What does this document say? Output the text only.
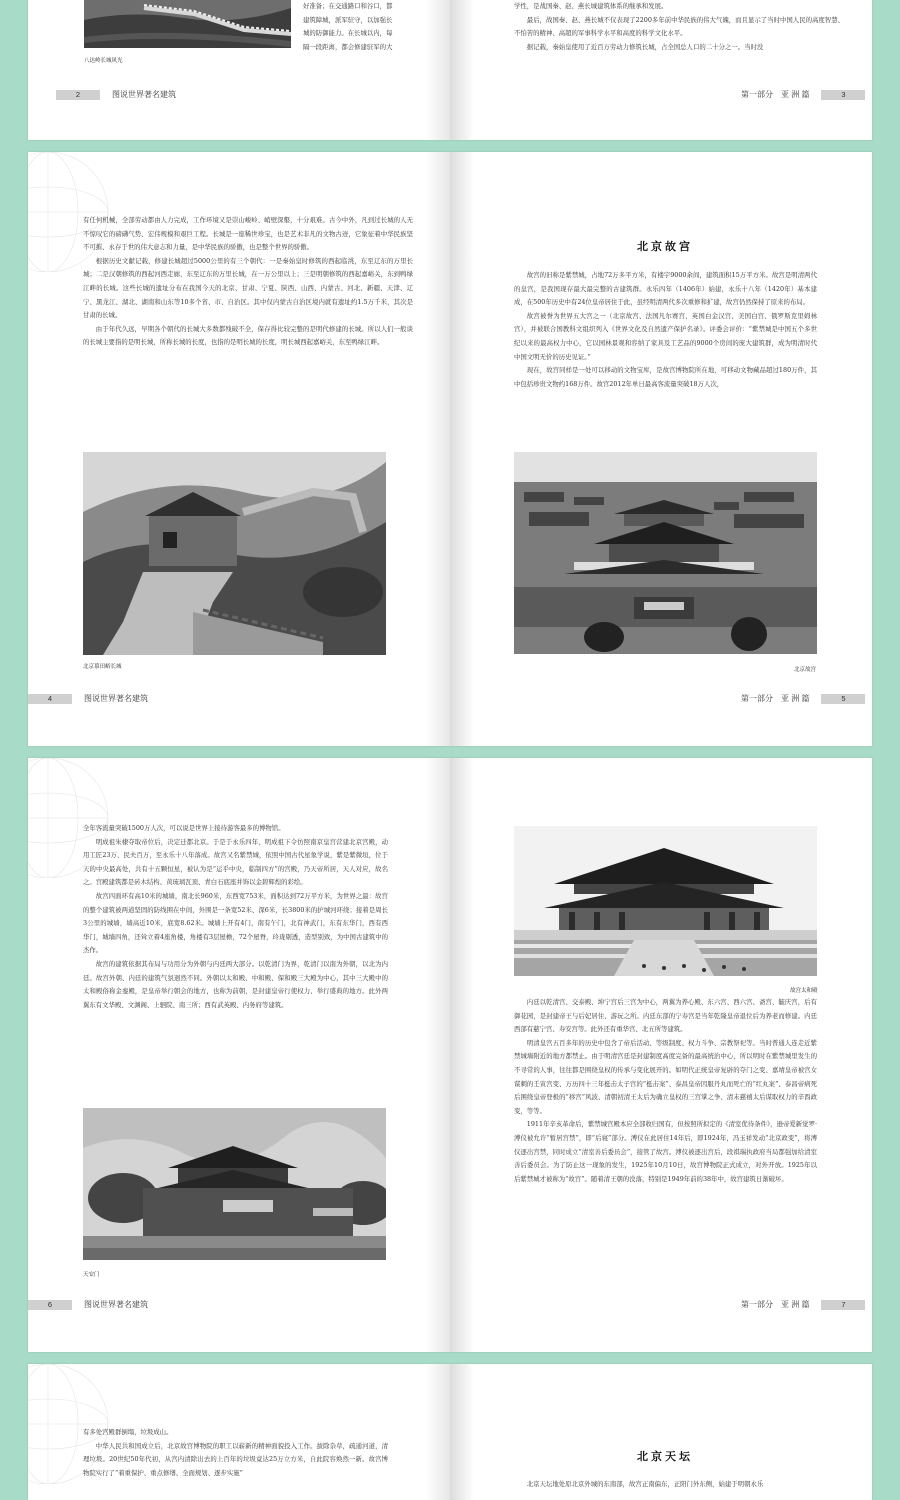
好准备；在交通路口和谷口，都

建筑障城，派军驻守，以加强长

城的防御能力。在长城以内，每

隔一段距离，都会修建驻军的大

八达岭长城风光
2	图说世界著名建筑

学性，是战国秦、赵、燕长城建筑体系的继承和发展。

最后，战国秦、赵、燕长城不仅表现了2200多年前中华民族的伟大气魄，而且显示了当时中国人民的高度智慧、不怕苦的精神、高超的军事科学水平和高度的科学文化水平。

据记载，秦始皇使用了近百万劳动力修筑长城，占全国总人口的二十分之一。当时没

第一部分　亚 洲 篇	3

有任何机械，全部劳动都由人力完成，工作环境又是崇山峻岭、峭壁深壑，十分艰难。古今中外，凡到过长城的人无不惊叹它的磅礴气势、宏伟规模和艰巨工程。长城是一座稀世珍宝，也是艺术非凡的文物古迹，它象征着中华民族坚不可摧、永存于世的伟大意志和力量，是中华民族的骄傲，也是整个世界的骄傲。

根据历史文献记载，修建长城超过5000公里的有三个朝代：一是秦始皇时修筑的西起临洮，东至辽东的万里长城；二是汉朝修筑的西起河西走廊，东至辽东的万里长城，在一万公里以上；三是明朝修筑的西起嘉峪关，东到鸭绿江畔的长城。这些长城的遗址分布在我国今天的北京、甘肃、宁夏、陕西、山西、内蒙古、河北、新疆、天津、辽宁、黑龙江、湖北、湖南和山东等10多个省、市、自治区。其中仅内蒙古自治区境内就有遗址约1.5万千米，其次是甘肃的长城。

由于年代久远，早期各个朝代的长城大多数都残破不全，保存得比较完整的是明代修建的长城。所以人们一般谈的长城主要指的是明长城，所称长城的长度，也指的是明长城的长度，明长城西起嘉峪关，东至鸭绿江畔。

北京慕田峪长城
4	图说世界著名建筑
北京故宫

故宫的旧称是紫禁城，占地72万多平方米，有楼宇9000余间，建筑面积15万平方米。故宫是明清两代的皇宫，是我国现存最大最完整的古建筑群。永乐四年（1406年）始建，永乐十八年（1420年）基本建成，在500年历史中有24位皇帝居住于此，虽经明清两代多次重修和扩建，故宫仍然保持了原来的布局。

故宫被誉为世界五大宫之一（北京故宫、法国凡尔赛宫、英国白金汉宫、美国白宫、俄罗斯克里姆林宫），并被联合国教科文组织列入《世界文化及自然遗产保护名录》。评委会评价：“紫禁城是中国五个多世纪以来的最高权力中心，它以园林景观和容纳了家具及工艺品的9000个房间的庞大建筑群，成为明清时代中国文明无价的历史见证。”

现在，故宫同样是一处可以移动的文物宝库，是故宫博物院所在地，可移动文物藏品超过180万件，其中包括珍贵文物约168万件。故宫2012年单日最高客流量突破18万人次，

北京故宫
第一部分　亚 洲 篇	5

全年客流量突破1500万人次，可以说是世界上接待游客最多的博物馆。

明成祖朱棣夺取帝位后，决定迁都北京。于是于永乐四年，明成祖下令仿照南京皇宫营建北京宫殿，动用工匠23万、民夫百万，至永乐十八年落成。故宫又名紫禁城，依照中国古代星象学说，紫是紫微垣，位于天的中央最高处，共有十五颗恒星，被认为是“运乎中央，临制四方”的宫殿，乃天帝所居，天人对应，故名之。宫殿建筑都是砖木结构、黄琉璃瓦顶、青白石底座并饰以金碧辉煌的彩绘。

故宫四面环有高10米的城墙，南北长960米，东西宽753米，面积达到72万平方米，为世界之最：故宫的整个建筑被两道坚固的防线围在中间，外围是一条宽52米、深6米，长3800米的护城河环绕；接着是周长3公里的城墙，墙高近10米，底宽8.62米。城墙上开有4门，南有午门，北有神武门，东有东华门，西有西华门，城墙四角，还耸立着4座角楼，角楼有3层屋檐，72个屋脊，玲珑剔透，造型别致，为中国古建筑中的杰作。

故宫的建筑依据其布局与功用分为外朝与内廷两大部分。以乾清门为界，乾清门以南为外朝，以北为内廷。故宫外朝、内廷的建筑气氛迥然不同。外朝以太和殿、中和殿、保和殿三大殿为中心，其中三大殿中的太和殿俗称金銮殿，是皇帝举行朝会的地方，也称为前朝，是封建皇帝行使权力、举行盛典的地方。此外两翼东有文华殿、文渊阁、上驷院、南三所；西有武英殿、内务府等建筑。

天安门
6	图说世界著名建筑
故宫太和殿

内廷以乾清宫、交泰殿、坤宁宫后三宫为中心，两翼为养心殿、东六宫、西六宫、斋宫、毓庆宫，后有御花园，是封建帝王与后妃居住、游玩之所。内廷东部的宁寿宫是当年乾隆皇帝退位后为养老而修建。内廷西部有慈宁宫、寿安宫等。此外还有重华宫、北五所等建筑。

明清皇宫五百多年的历史中包含了帝后活动、等级制度、权力斗争、宗教祭祀等。当时普通人连走近紫禁城墙附近的地方都禁止。由于明清宫廷是封建制度高度完备的最高统治中心，所以明时在紫禁城里发生的不寻常的人事，往往都是围绕皇权的传承与变化展开的。如明代正统皇帝复辟的夺门之变、嘉靖皇帝被宫女谋刺的壬寅宫变、万历四十三年梃击太子宫的“梃击案”、泰昌皇帝因服丹丸而死亡的“红丸案”、泰昌帝病死后围绕皇帝登极的“移宫”风波、清朝初清王太后为确立皇权的三宫掌之争、清末慈禧太后谋取权力的辛酉政变，等等。

1911年辛亥革命后，紫禁城宫殿本应全部收归国有，但按照所拟定的《清室优待条件》，逊帝爱新觉罗·溥仪被允许“暂居宫禁”，即“后寝”部分。溥仪在此居住14年后，即1924年，冯玉祥发动“北京政变”，将溥仪逐出宫禁，同时成立“清室善后委员会”，接管了故宫。溥仪被逐出宫后，段祺瑞执政府当局都强加给清室善后委员会。为了防止这一现象的发生，1925年10月10日，故宫博物院正式成立，对外开放。1925年以后紫禁城才被称为“故宫”。随着清王朝的没落，特别是1949年前的38年中，故宫建筑日渐破坏。

第一部分　亚 洲 篇	7

有多处宫殿群倒塌，垃圾成山。

中华人民共和国成立后，北京故宫博物院的职工以崭新的精神面貌投入工作。拔除杂草，疏通河道，清理垃圾。20世纪50年代初，从宫内清除出去的上百年的垃圾竟达25万立方米，自此院容焕然一新。故宫博物院实行了“着重保护、重点修缮、全面规划、逐步实施”

北京天坛

北京天坛地处原北京外城的东南部，故宫正南偏东，正阳门外东侧，始建于明朝永乐
